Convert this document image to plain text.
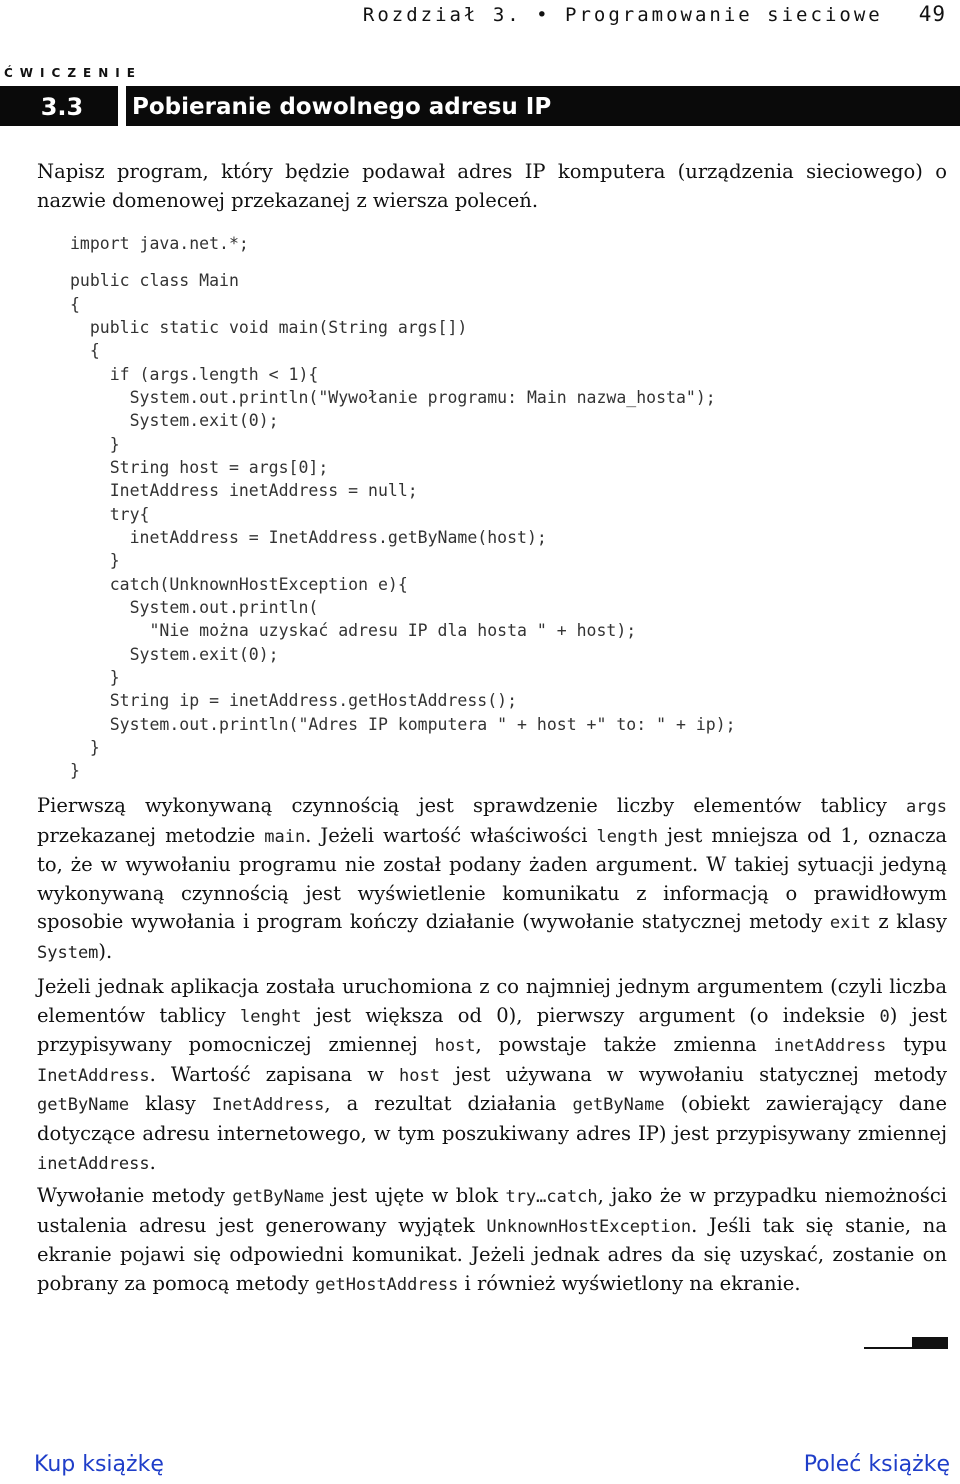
Rozdział 3. • Programowanie sieciowe 49
ĆWICZENIE
3.3	Pobieranie dowolnego adresu IP
Napisz program, który będzie podawał adres IP komputera (urządzenia sieciowego) o nazwie domenowej przekazanej z wiersza poleceń.
import java.net.*;
public class Main
{
public static void main(String args[])
{
if (args.length < 1){
System.out.println("Wywołanie programu: Main nazwa_hosta");
System.exit(0);
}
String host = args[0];
InetAddress inetAddress = null;
try{
inetAddress = InetAddress.getByName(host);
}
catch(UnknownHostException e){
System.out.println(
"Nie można uzyskać adresu IP dla hosta " + host);
System.exit(0);
}
String ip = inetAddress.getHostAddress();
System.out.println("Adres IP komputera " + host +" to: " + ip);
}
}
Pierwszą wykonywaną czynnością jest sprawdzenie liczby elementów tablicy args przekazanej metodzie main. Jeżeli wartość właściwości length jest mniejsza od 1, oznacza to, że w wywołaniu programu nie został podany żaden argument. W takiej sytuacji jedyną wykonywaną czynnością jest wyświetlenie komunikatu z informacją o prawidłowym sposobie wywołania i program kończy działanie (wywołanie statycznej metody exit z klasy System).
Jeżeli jednak aplikacja została uruchomiona z co najmniej jednym argumentem (czyli liczba elementów tablicy lenght jest większa od 0), pierwszy argument (o indeksie 0) jest przypisywany pomocniczej zmiennej host, powstaje także zmienna inetAddress typu InetAddress. Wartość zapisana w host jest używana w wywołaniu statycznej metody getByName klasy InetAddress, a rezultat działania getByName (obiekt zawierający dane dotyczące adresu internetowego, w tym poszukiwany adres IP) jest przypisywany zmiennej inetAddress.
Wywołanie metody getByName jest ujęte w blok try…catch, jako że w przypadku niemożności ustalenia adresu jest generowany wyjątek UnknownHostException. Jeśli tak się stanie, na ekranie pojawi się odpowiedni komunikat. Jeżeli jednak adres da się uzyskać, zostanie on pobrany za pomocą metody getHostAddress i również wyświetlony na ekranie.
Kup książkę	Poleć książkę
